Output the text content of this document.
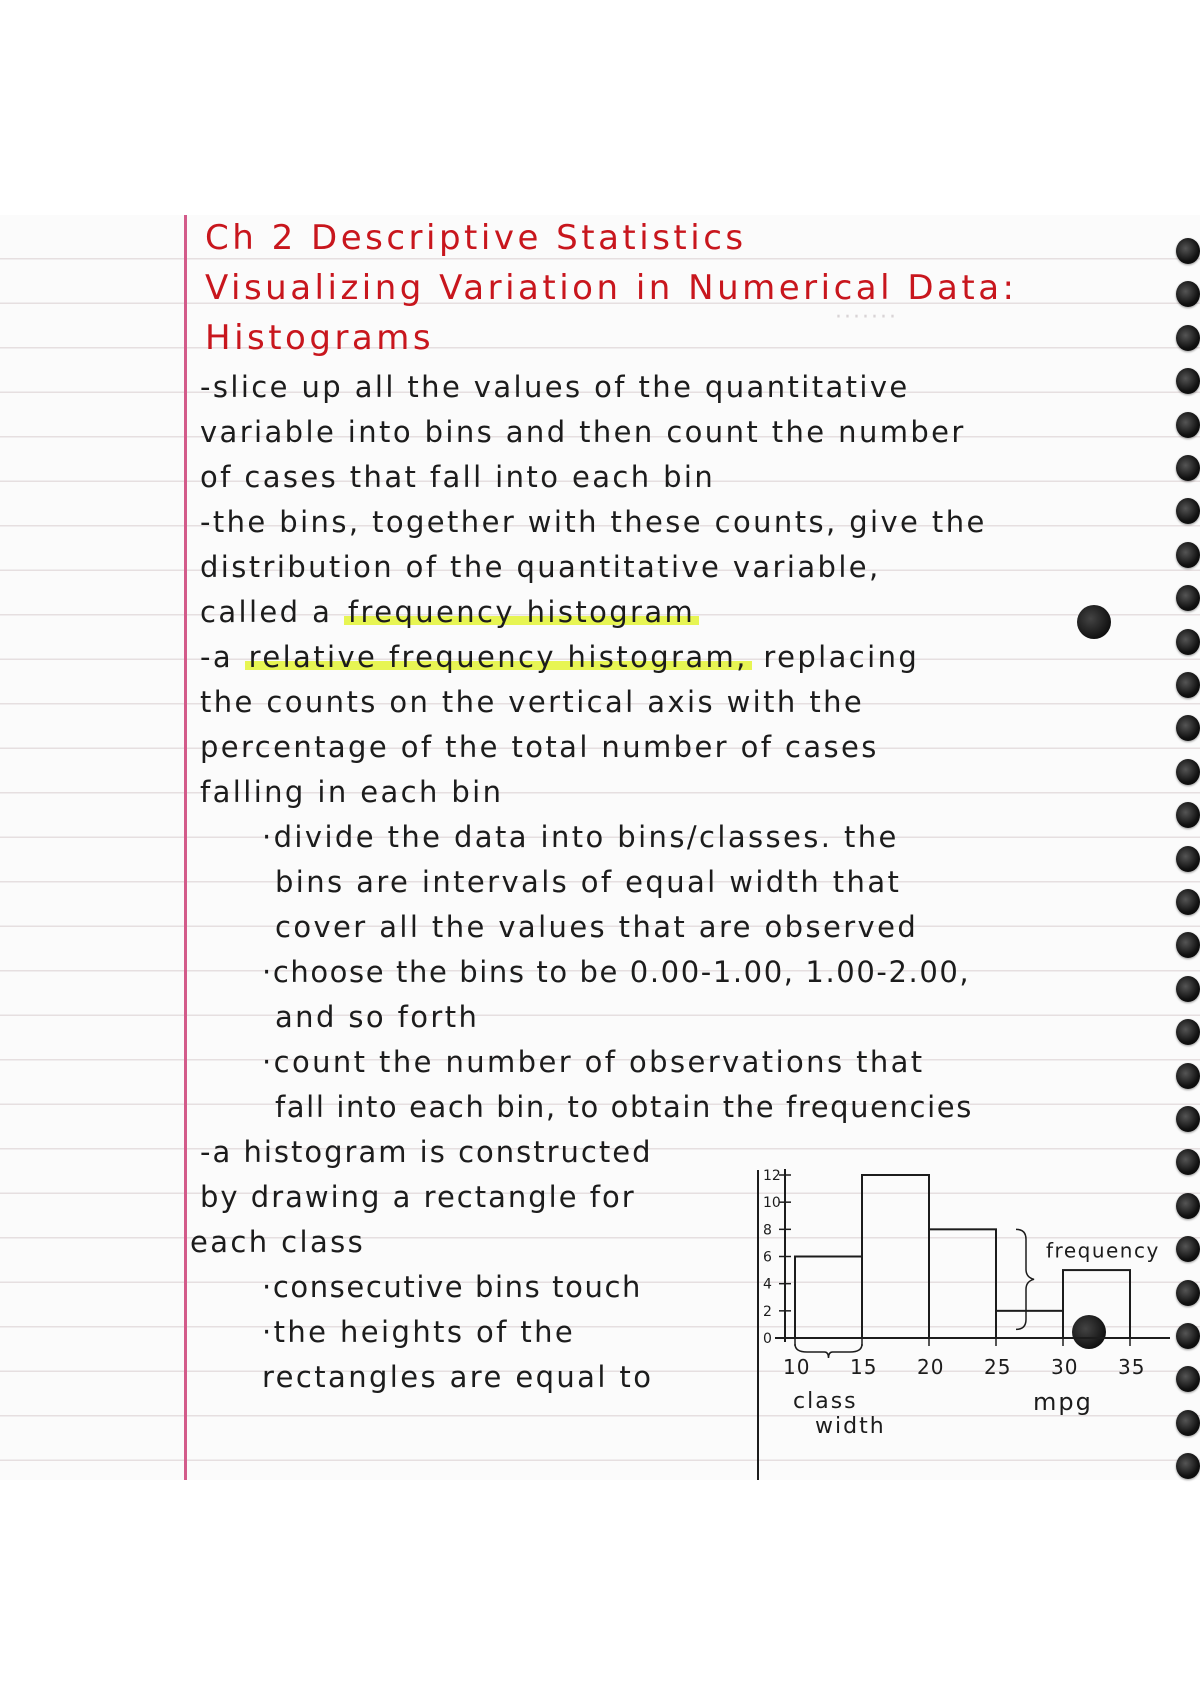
·······
Ch 2 Descriptive Statistics
Visualizing Variation in Numerical Data:
Histograms
-slice up all the values of the quantitative
variable into bins and then count the number
of cases that fall into each bin
-the bins, together with these counts, give the
distribution of the quantitative variable,
called a frequency histogram
-a relative frequency histogram, replacing
the counts on the vertical axis with the
percentage of the total number of cases
falling in each bin
·divide the data into bins/classes. the
bins are intervals of equal width that
cover all the values that are observed
·choose the bins to be 0.00-1.00, 1.00-2.00,
and so forth
·count the number of observations that
fall into each bin, to obtain the frequencies
-a histogram is constructed
by drawing a rectangle for
each class
·consecutive bins touch
·the heights of the
rectangles are equal to
0
2
4
6
8
10
12
10 15 20 25 30 35
class
width
frequency
mpg
